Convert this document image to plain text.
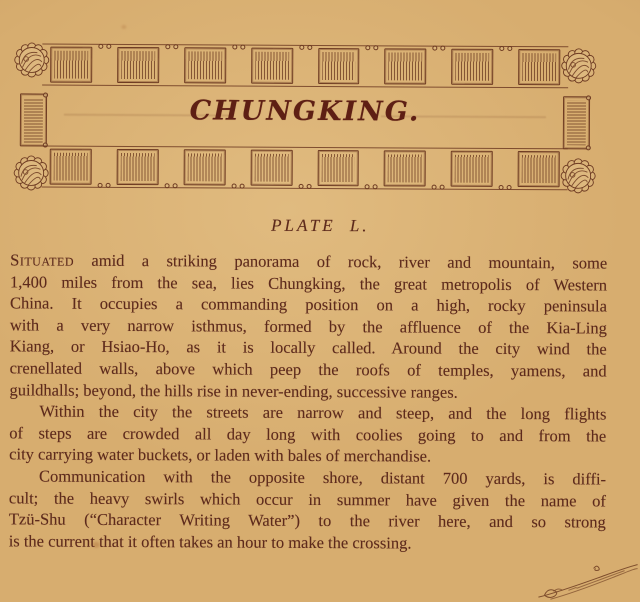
CHUNGKING.
PLATE L.
Situated amid a striking panorama of rock, river and mountain, some
1,400 miles from the sea, lies Chungking, the great metropolis of Western
China. It occupies a commanding position on a high, rocky peninsula
with a very narrow isthmus, formed by the affluence of the Kia-Ling
Kiang, or Hsiao-Ho, as it is locally called. Around the city wind the
crenellated walls, above which peep the roofs of temples, yamens, and
guildhalls; beyond, the hills rise in never-ending, successive ranges.
Within the city the streets are narrow and steep, and the long flights
of steps are crowded all day long with coolies going to and from the
city carrying water buckets, or laden with bales of merchandise.
Communication with the opposite shore, distant 700 yards, is diffi-
cult; the heavy swirls which occur in summer have given the name of
Tzü-Shu (“Character Writing Water”) to the river here, and so strong
is the current that it often takes an hour to make the crossing.
